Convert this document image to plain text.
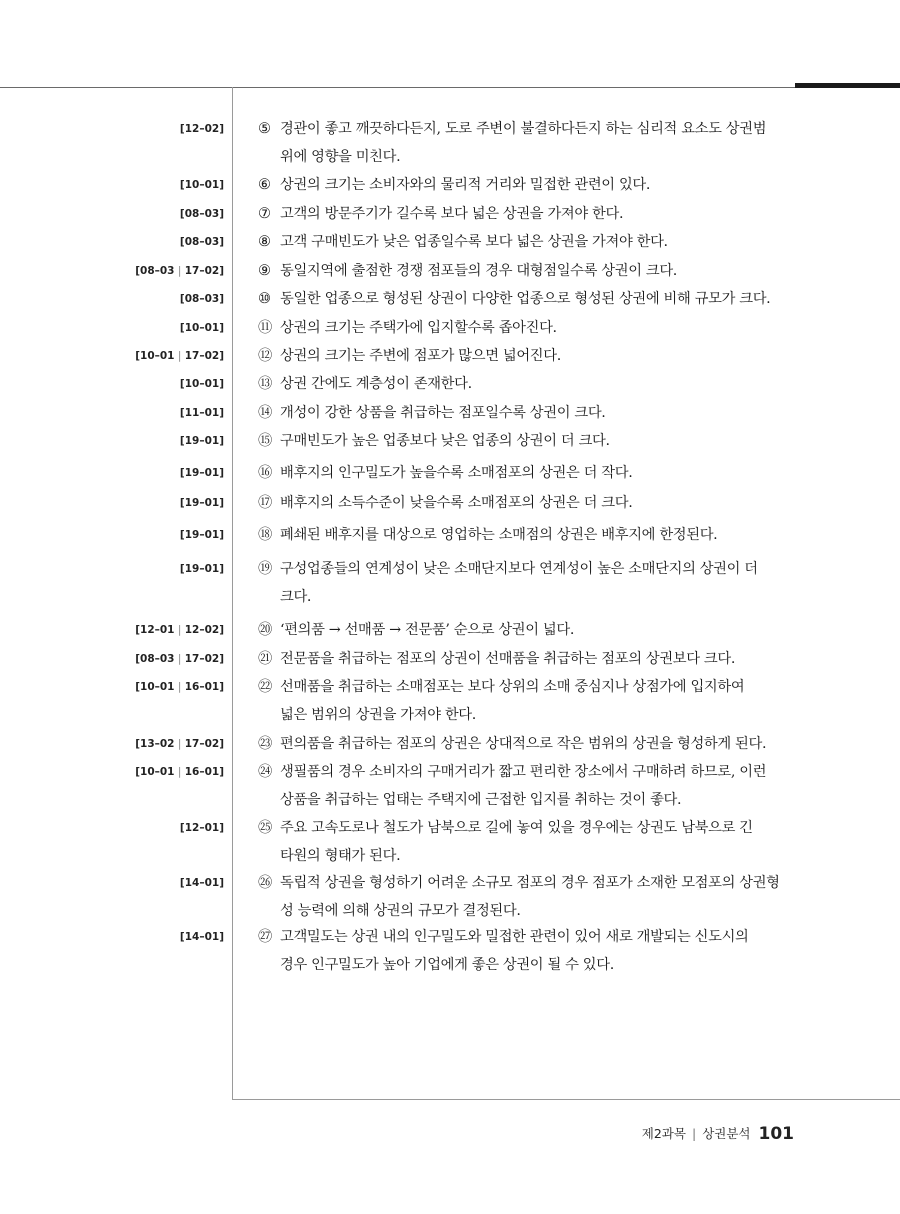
[12–02] ⑤ 경관이 좋고 깨끗하다든지, 도로 주변이 불결하다든지 하는 심리적 요소도 상권범
위에 영향을 미친다.
[10–01] ⑥ 상권의 크기는 소비자와의 물리적 거리와 밀접한 관련이 있다.
[08–03] ⑦ 고객의 방문주기가 길수록 보다 넓은 상권을 가져야 한다.
[08–03] ⑧ 고객 구매빈도가 낮은 업종일수록 보다 넓은 상권을 가져야 한다.
[08–03 | 17–02] ⑨ 동일지역에 출점한 경쟁 점포들의 경우 대형점일수록 상권이 크다.
[08–03] ⑩ 동일한 업종으로 형성된 상권이 다양한 업종으로 형성된 상권에 비해 규모가 크다.
[10–01] ⑪ 상권의 크기는 주택가에 입지할수록 좁아진다.
[10–01 | 17–02] ⑫ 상권의 크기는 주변에 점포가 많으면 넓어진다.
[10–01] ⑬ 상권 간에도 계층성이 존재한다.
[11–01] ⑭ 개성이 강한 상품을 취급하는 점포일수록 상권이 크다.
[19–01] ⑮ 구매빈도가 높은 업종보다 낮은 업종의 상권이 더 크다.
[19–01] ⑯ 배후지의 인구밀도가 높을수록 소매점포의 상권은 더 작다.
[19–01] ⑰ 배후지의 소득수준이 낮을수록 소매점포의 상권은 더 크다.
[19–01] ⑱ 폐쇄된 배후지를 대상으로 영업하는 소매점의 상권은 배후지에 한정된다.
[19–01] ⑲ 구성업종들의 연계성이 낮은 소매단지보다 연계성이 높은 소매단지의 상권이 더
크다.
[12–01 | 12–02] ⑳ ‘편의품 → 선매품 → 전문품’ 순으로 상권이 넓다.
[08–03 | 17–02] ㉑ 전문품을 취급하는 점포의 상권이 선매품을 취급하는 점포의 상권보다 크다.
[10–01 | 16–01] ㉒ 선매품을 취급하는 소매점포는 보다 상위의 소매 중심지나 상점가에 입지하여
넓은 범위의 상권을 가져야 한다.
[13–02 | 17–02] ㉓ 편의품을 취급하는 점포의 상권은 상대적으로 작은 범위의 상권을 형성하게 된다.
[10–01 | 16–01] ㉔ 생필품의 경우 소비자의 구매거리가 짧고 편리한 장소에서 구매하려 하므로, 이런
상품을 취급하는 업태는 주택지에 근접한 입지를 취하는 것이 좋다.
[12–01] ㉕ 주요 고속도로나 철도가 남북으로 길에 놓여 있을 경우에는 상권도 남북으로 긴
타원의 형태가 된다.
[14–01] ㉖ 독립적 상권을 형성하기 어려운 소규모 점포의 경우 점포가 소재한 모점포의 상권형
성 능력에 의해 상권의 규모가 결정된다.
[14–01] ㉗ 고객밀도는 상권 내의 인구밀도와 밀접한 관련이 있어 새로 개발되는 신도시의
경우 인구밀도가 높아 기업에게 좋은 상권이 될 수 있다.
제2과목 | 상권분석 101
